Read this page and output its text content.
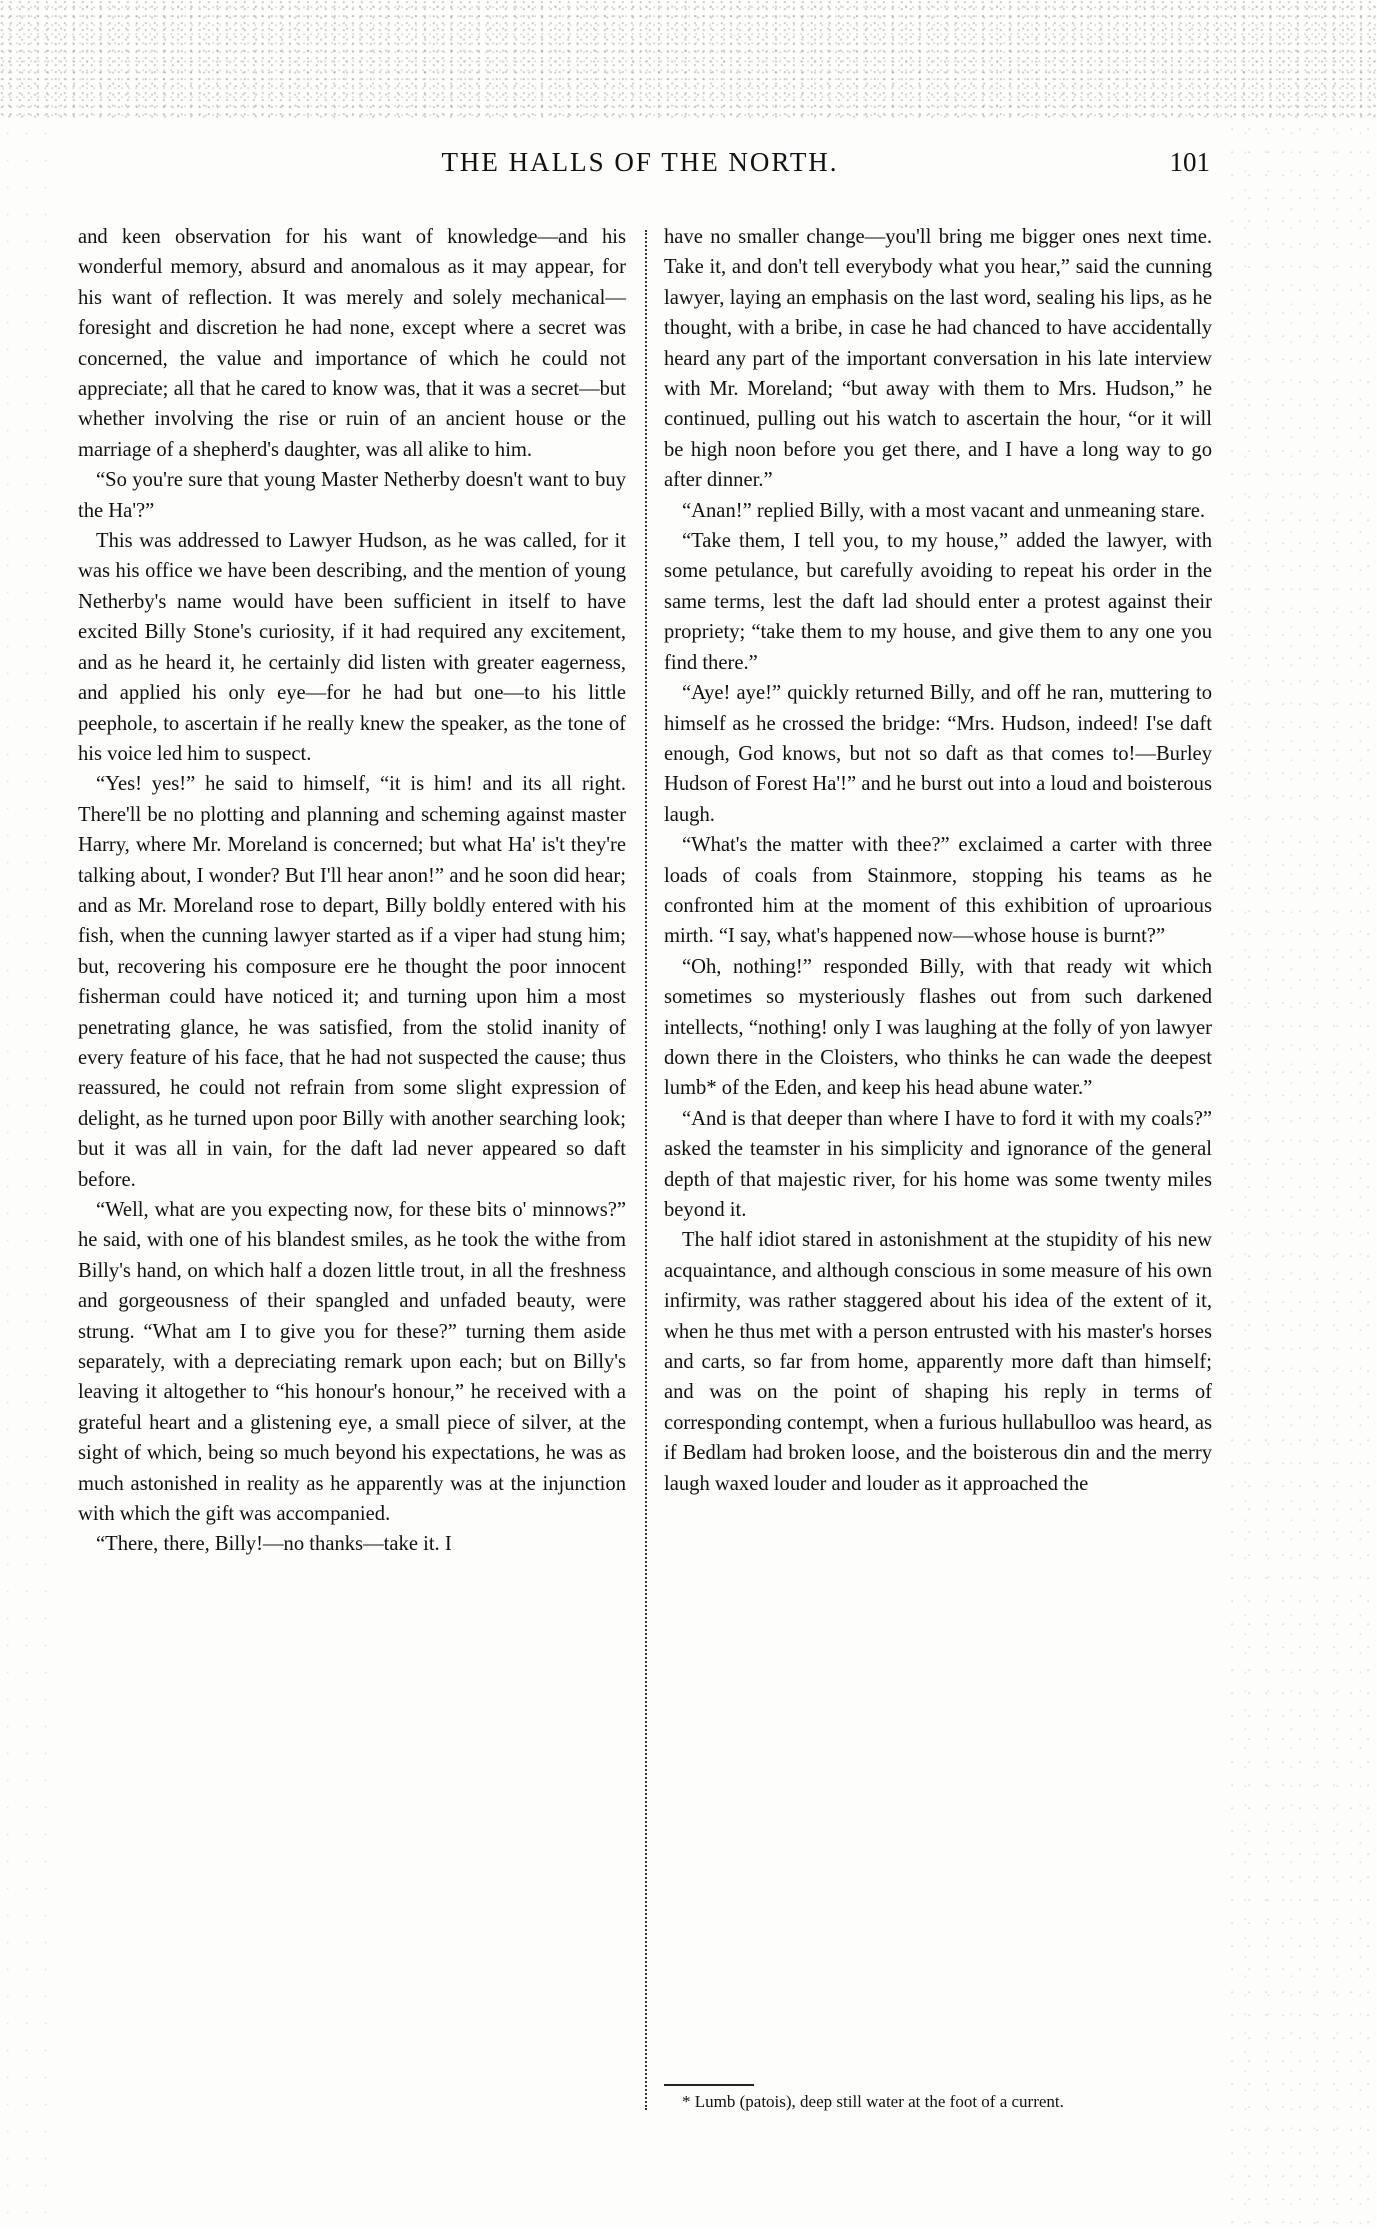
THE HALLS OF THE NORTH.	101

and keen observation for his want of knowledge—and his wonderful memory, absurd and anomalous as it may appear, for his want of reflection. It was merely and solely mechanical—foresight and discretion he had none, except where a secret was concerned, the value and importance of which he could not appreciate; all that he cared to know was, that it was a secret—but whether involving the rise or ruin of an ancient house or the marriage of a shepherd's daughter, was all alike to him.

“So you're sure that young Master Netherby doesn't want to buy the Ha'?”

This was addressed to Lawyer Hudson, as he was called, for it was his office we have been describing, and the mention of young Netherby's name would have been sufficient in itself to have excited Billy Stone's curiosity, if it had required any excitement, and as he heard it, he certainly did listen with greater eagerness, and applied his only eye—for he had but one—to his little peephole, to ascertain if he really knew the speaker, as the tone of his voice led him to suspect.

“Yes! yes!” he said to himself, “it is him! and its all right. There'll be no plotting and planning and scheming against master Harry, where Mr. Moreland is concerned; but what Ha' is't they're talking about, I wonder? But I'll hear anon!” and he soon did hear; and as Mr. Moreland rose to depart, Billy boldly entered with his fish, when the cunning lawyer started as if a viper had stung him; but, recovering his composure ere he thought the poor innocent fisherman could have noticed it; and turning upon him a most penetrating glance, he was satisfied, from the stolid inanity of every feature of his face, that he had not suspected the cause; thus reassured, he could not refrain from some slight expression of delight, as he turned upon poor Billy with another searching look; but it was all in vain, for the daft lad never appeared so daft before.

“Well, what are you expecting now, for these bits o' minnows?” he said, with one of his blandest smiles, as he took the withe from Billy's hand, on which half a dozen little trout, in all the freshness and gorgeousness of their spangled and unfaded beauty, were strung. “What am I to give you for these?” turning them aside separately, with a depreciating remark upon each; but on Billy's leaving it altogether to “his honour's honour,” he received with a grateful heart and a glistening eye, a small piece of silver, at the sight of which, being so much beyond his expectations, he was as much astonished in reality as he apparently was at the injunction with which the gift was accompanied.

“There, there, Billy!—no thanks—take it. I

have no smaller change—you'll bring me bigger ones next time. Take it, and don't tell everybody what you hear,” said the cunning lawyer, laying an emphasis on the last word, sealing his lips, as he thought, with a bribe, in case he had chanced to have accidentally heard any part of the important conversation in his late interview with Mr. Moreland; “but away with them to Mrs. Hudson,” he continued, pulling out his watch to ascertain the hour, “or it will be high noon before you get there, and I have a long way to go after dinner.”

“Anan!” replied Billy, with a most vacant and unmeaning stare.

“Take them, I tell you, to my house,” added the lawyer, with some petulance, but carefully avoiding to repeat his order in the same terms, lest the daft lad should enter a protest against their propriety; “take them to my house, and give them to any one you find there.”

“Aye! aye!” quickly returned Billy, and off he ran, muttering to himself as he crossed the bridge: “Mrs. Hudson, indeed! I'se daft enough, God knows, but not so daft as that comes to!—Burley Hudson of Forest Ha'!” and he burst out into a loud and boisterous laugh.

“What's the matter with thee?” exclaimed a carter with three loads of coals from Stainmore, stopping his teams as he confronted him at the moment of this exhibition of uproarious mirth. “I say, what's happened now—whose house is burnt?”

“Oh, nothing!” responded Billy, with that ready wit which sometimes so mysteriously flashes out from such darkened intellects, “nothing! only I was laughing at the folly of yon lawyer down there in the Cloisters, who thinks he can wade the deepest lumb* of the Eden, and keep his head abune water.”

“And is that deeper than where I have to ford it with my coals?” asked the teamster in his simplicity and ignorance of the general depth of that majestic river, for his home was some twenty miles beyond it.

The half idiot stared in astonishment at the stupidity of his new acquaintance, and although conscious in some measure of his own infirmity, was rather staggered about his idea of the extent of it, when he thus met with a person entrusted with his master's horses and carts, so far from home, apparently more daft than himself; and was on the point of shaping his reply in terms of corresponding contempt, when a furious hullabulloo was heard, as if Bedlam had broken loose, and the boisterous din and the merry laugh waxed louder and louder as it approached the

* Lumb (patois), deep still water at the foot of a current.
